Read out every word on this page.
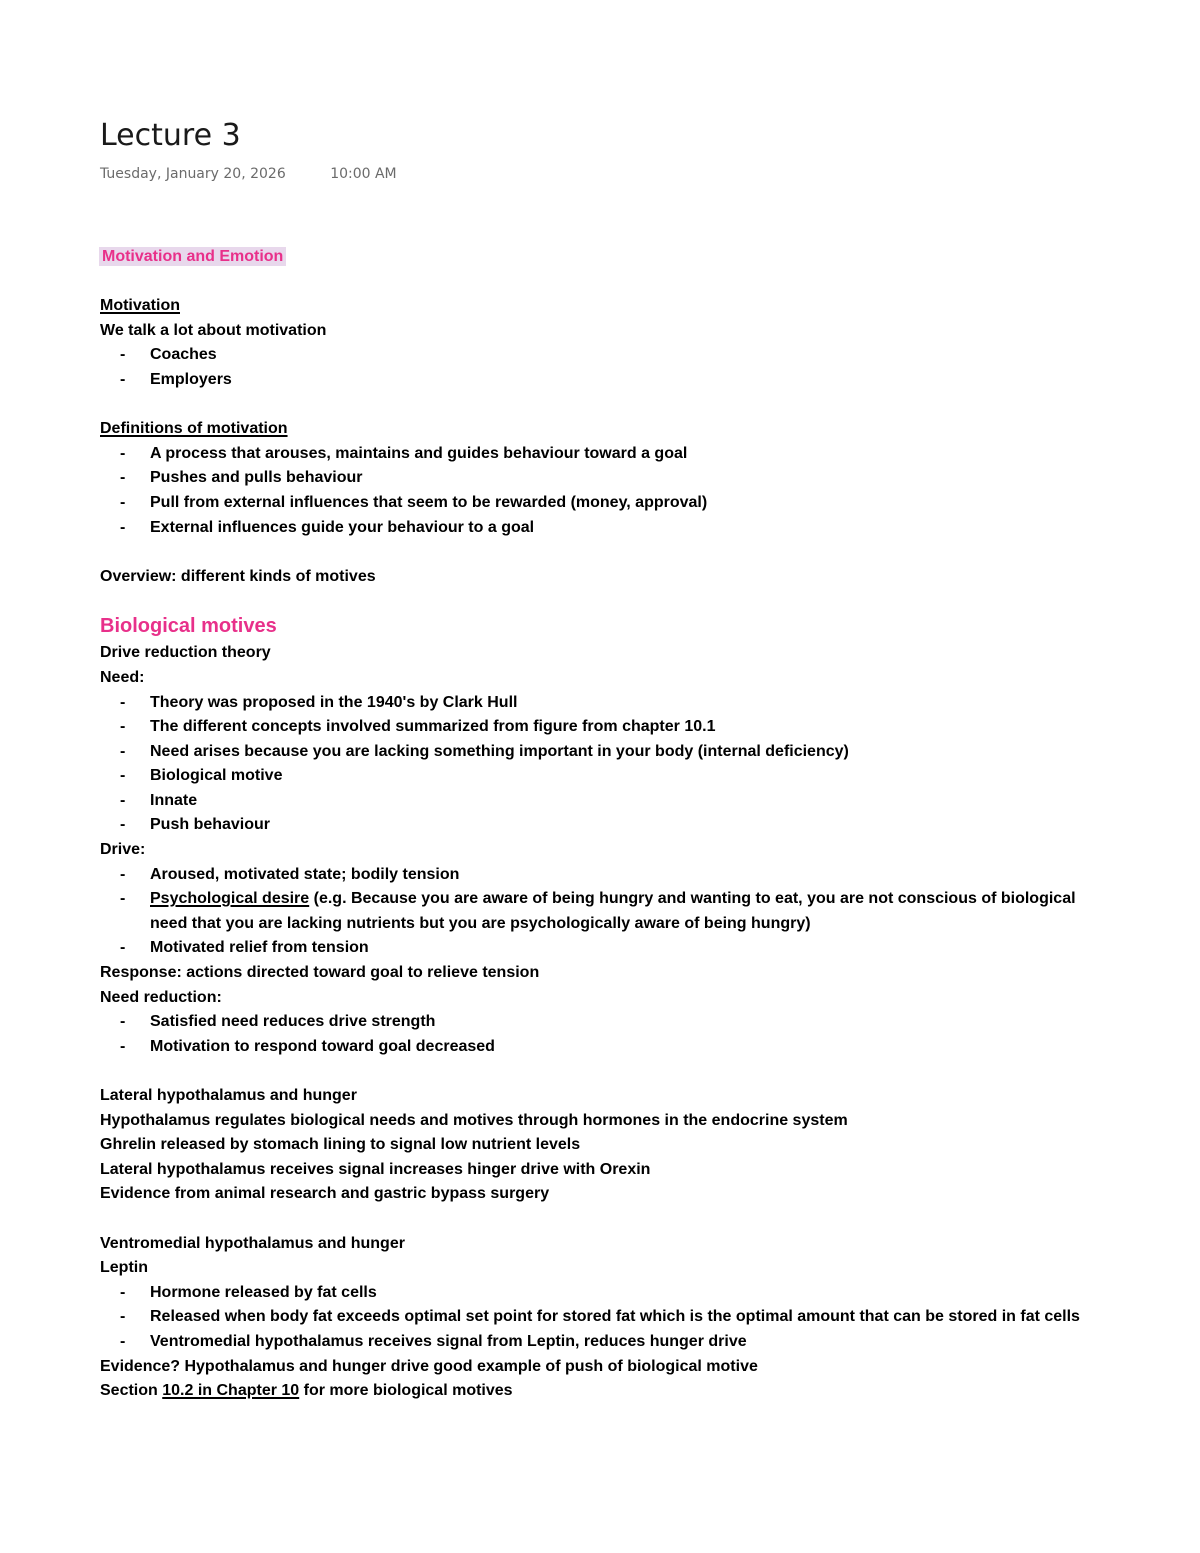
Lecture 3
Tuesday, January 20, 2026	10:00 AM
Motivation and Emotion
Motivation
We talk a lot about motivation
- Coaches
- Employers
Definitions of motivation
- A process that arouses, maintains and guides behaviour toward a goal
- Pushes and pulls behaviour
- Pull from external influences that seem to be rewarded (money, approval)
- External influences guide your behaviour to a goal
Overview: different kinds of motives
Biological motives
Drive reduction theory
Need:
- Theory was proposed in the 1940's by Clark Hull
- The different concepts involved summarized from figure from chapter 10.1
- Need arises because you are lacking something important in your body (internal deficiency)
- Biological motive
- Innate
- Push behaviour
Drive:
- Aroused, motivated state; bodily tension
- Psychological desire (e.g. Because you are aware of being hungry and wanting to eat, you are not conscious of biological need that you are lacking nutrients but you are psychologically aware of being hungry)
- Motivated relief from tension
Response: actions directed toward goal to relieve tension
Need reduction:
- Satisfied need reduces drive strength
- Motivation to respond toward goal decreased
Lateral hypothalamus and hunger
Hypothalamus regulates biological needs and motives through hormones in the endocrine system
Ghrelin released by stomach lining to signal low nutrient levels
Lateral hypothalamus receives signal increases hinger drive with Orexin
Evidence from animal research and gastric bypass surgery
Ventromedial hypothalamus and hunger
Leptin
- Hormone released by fat cells
- Released when body fat exceeds optimal set point for stored fat which is the optimal amount that can be stored in fat cells
- Ventromedial hypothalamus receives signal from Leptin, reduces hunger drive
Evidence? Hypothalamus and hunger drive good example of push of biological motive
Section 10.2 in Chapter 10 for more biological motives
